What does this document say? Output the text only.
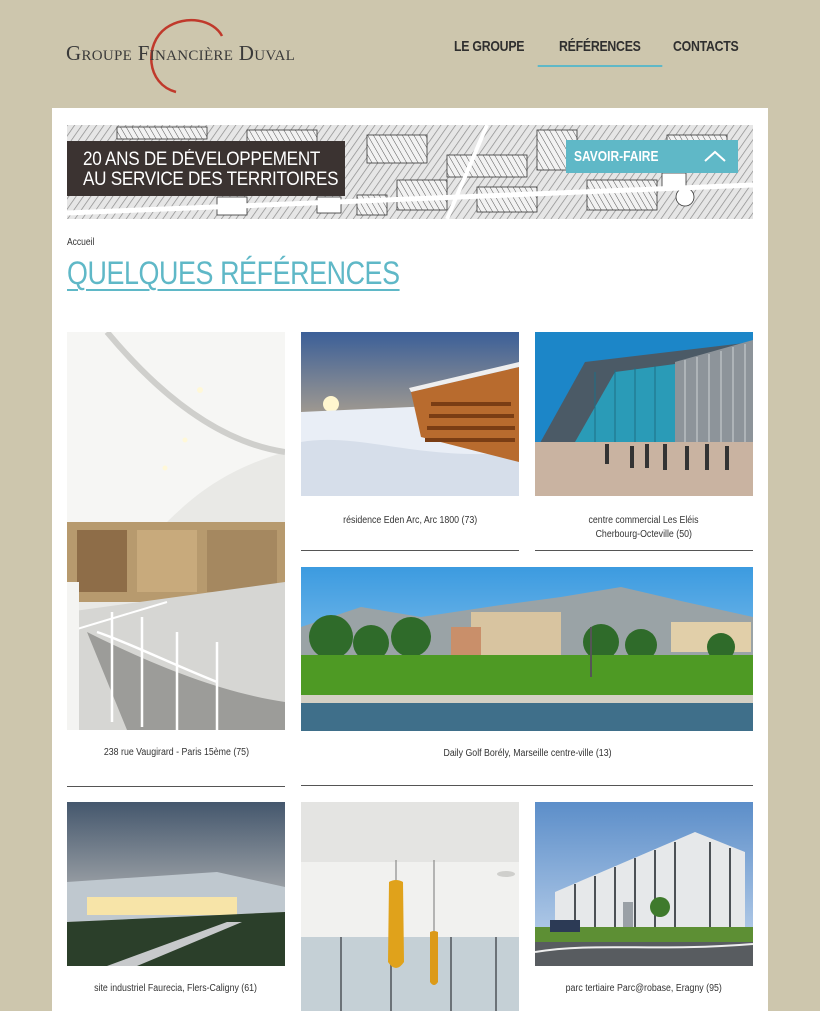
Groupe Financière Duval	LE GROUPE RÉFÉRENCES CONTACTS
20 ANS DE DÉVELOPPEMENT
AU SERVICE DES TERRITOIRES
SAVOIR-FAIRE
Accueil
QUELQUES RÉFÉRENCES
238 rue Vaugirard - Paris 15ème (75)
résidence Eden Arc, Arc 1800 (73)	centre commercial Les Eléis
Cherbourg-Octeville (50)
Daily Golf Borély, Marseille centre-ville (13)
site industriel Faurecia, Flers-Caligny (61)	parc tertiaire Parc@robase, Eragny (95)
